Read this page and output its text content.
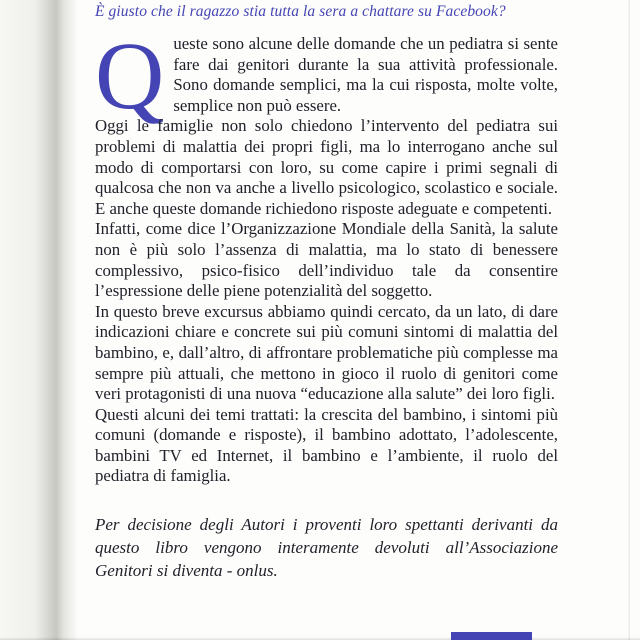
È giusto che il ragazzo stia tutta la sera a chattare su Facebook?

Queste sono alcune delle domande che un pediatra si sente fare dai genitori durante la sua attività professionale. Sono domande semplici, ma la cui risposta, molte volte, semplice non può essere.

Oggi le famiglie non solo chiedono l’intervento del pediatra sui problemi di malattia dei propri figli, ma lo interrogano anche sul modo di comportarsi con loro, su come capire i primi segnali di qualcosa che non va anche a livello psicologico, scolastico e sociale. E anche queste domande richiedono risposte adeguate e competenti.

Infatti, come dice l’Organizzazione Mondiale della Sanità, la salute non è più solo l’assenza di malattia, ma lo stato di benessere complessivo, psico-fisico dell’individuo tale da consentire l’espressione delle piene potenzialità del soggetto.

In questo breve excursus abbiamo quindi cercato, da un lato, di dare indicazioni chiare e concrete sui più comuni sintomi di malattia del bambino, e, dall’altro, di affrontare problematiche più complesse ma sempre più attuali, che mettono in gioco il ruolo di genitori come veri protagonisti di una nuova “educazione alla salute” dei loro figli.

Questi alcuni dei temi trattati: la crescita del bambino, i sintomi più comuni (domande e risposte), il bambino adottato, l’adolescente, bambini TV ed Internet, il bambino e l’ambiente, il ruolo del pediatra di famiglia.

Per decisione degli Autori i proventi loro spettanti derivanti da questo libro vengono interamente devoluti all’Associazione Genitori si diventa - onlus.
